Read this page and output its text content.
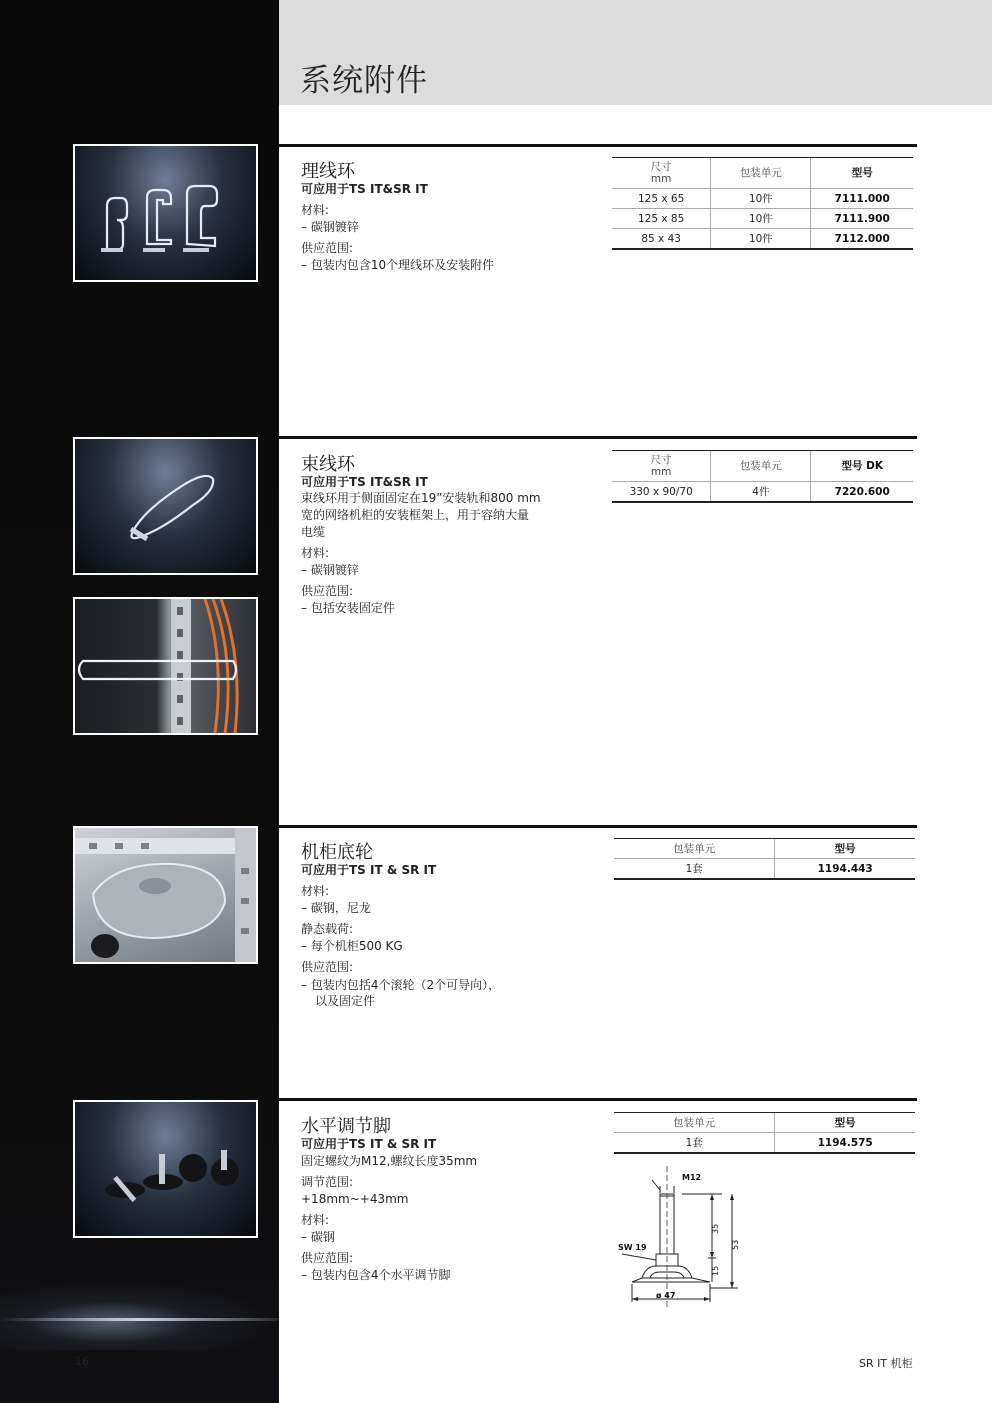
系统附件
理线环
可应用于TS IT&SR IT
材料:
– 碳钢镀锌
供应范围:
– 包装内包含10个理线环及安装附件
尺寸
mm	包装单元	型号
125 x 65	10件	7111.000
125 x 85	10件	7111.900
85 x 43	10件	7112.000
束线环
可应用于TS IT&SR IT
束线环用于侧面固定在19”安装轨和800 mm
宽的网络机柜的安装框架上，用于容纳大量
电缆
材料:
– 碳钢镀锌
供应范围:
– 包括安装固定件
尺寸
mm	包装单元	型号 DK
330 x 90/70	4件	7220.600
机柜底轮
可应用于TS IT & SR IT
材料:
– 碳钢，尼龙
静态载荷:
– 每个机柜500 KG
供应范围:
– 包装内包括4个滚轮（2个可导向），
以及固定件
包装单元	型号
1套	1194.443
水平调节脚
可应用于TS IT & SR IT
固定螺纹为M12,螺纹长度35mm
调节范围:
+18mm~+43mm
材料:
– 碳钢
供应范围:
– 包装内包含4个水平调节脚
包装单元	型号
1套	1194.575
M12
SW 19
ø 47
35
15
53
16	SR IT 机柜
